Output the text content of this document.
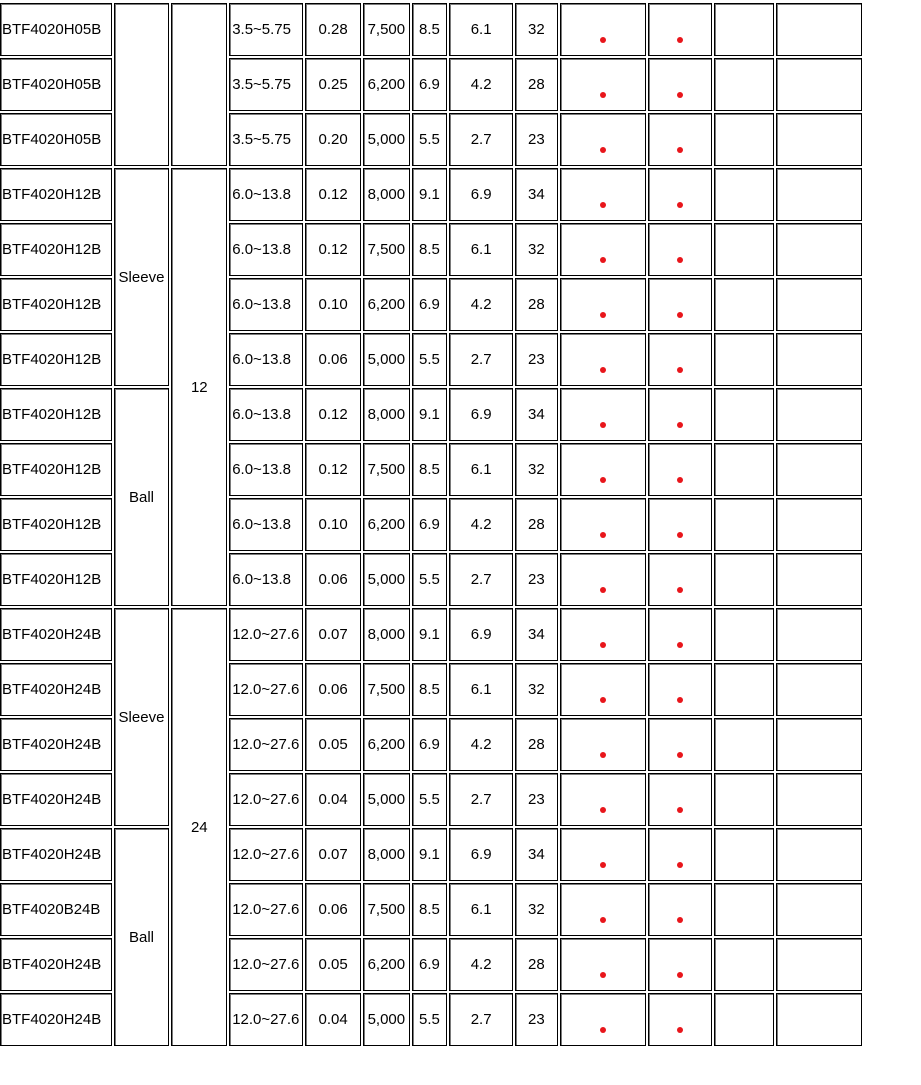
BTF4020H05B			3.5~5.75	0.28	7,500	8.5	6.1	32				
BTF4020H05B			3.5~5.75	0.25	6,200	6.9	4.2	28				
BTF4020H05B			3.5~5.75	0.20	5,000	5.5	2.7	23				
BTF4020H12B	Sleeve	12	6.0~13.8	0.12	8,000	9.1	6.9	34				
BTF4020H12B			6.0~13.8	0.12	7,500	8.5	6.1	32				
BTF4020H12B			6.0~13.8	0.10	6,200	6.9	4.2	28				
BTF4020H12B			6.0~13.8	0.06	5,000	5.5	2.7	23				
BTF4020H12B	Ball		6.0~13.8	0.12	8,000	9.1	6.9	34				
BTF4020H12B			6.0~13.8	0.12	7,500	8.5	6.1	32				
BTF4020H12B			6.0~13.8	0.10	6,200	6.9	4.2	28				
BTF4020H12B			6.0~13.8	0.06	5,000	5.5	2.7	23				
BTF4020H24B	Sleeve	24	12.0~27.6	0.07	8,000	9.1	6.9	34				
BTF4020H24B			12.0~27.6	0.06	7,500	8.5	6.1	32				
BTF4020H24B			12.0~27.6	0.05	6,200	6.9	4.2	28				
BTF4020H24B			12.0~27.6	0.04	5,000	5.5	2.7	23				
BTF4020H24B	Ball		12.0~27.6	0.07	8,000	9.1	6.9	34				
BTF4020B24B			12.0~27.6	0.06	7,500	8.5	6.1	32				
BTF4020H24B			12.0~27.6	0.05	6,200	6.9	4.2	28				
BTF4020H24B			12.0~27.6	0.04	5,000	5.5	2.7	23				
